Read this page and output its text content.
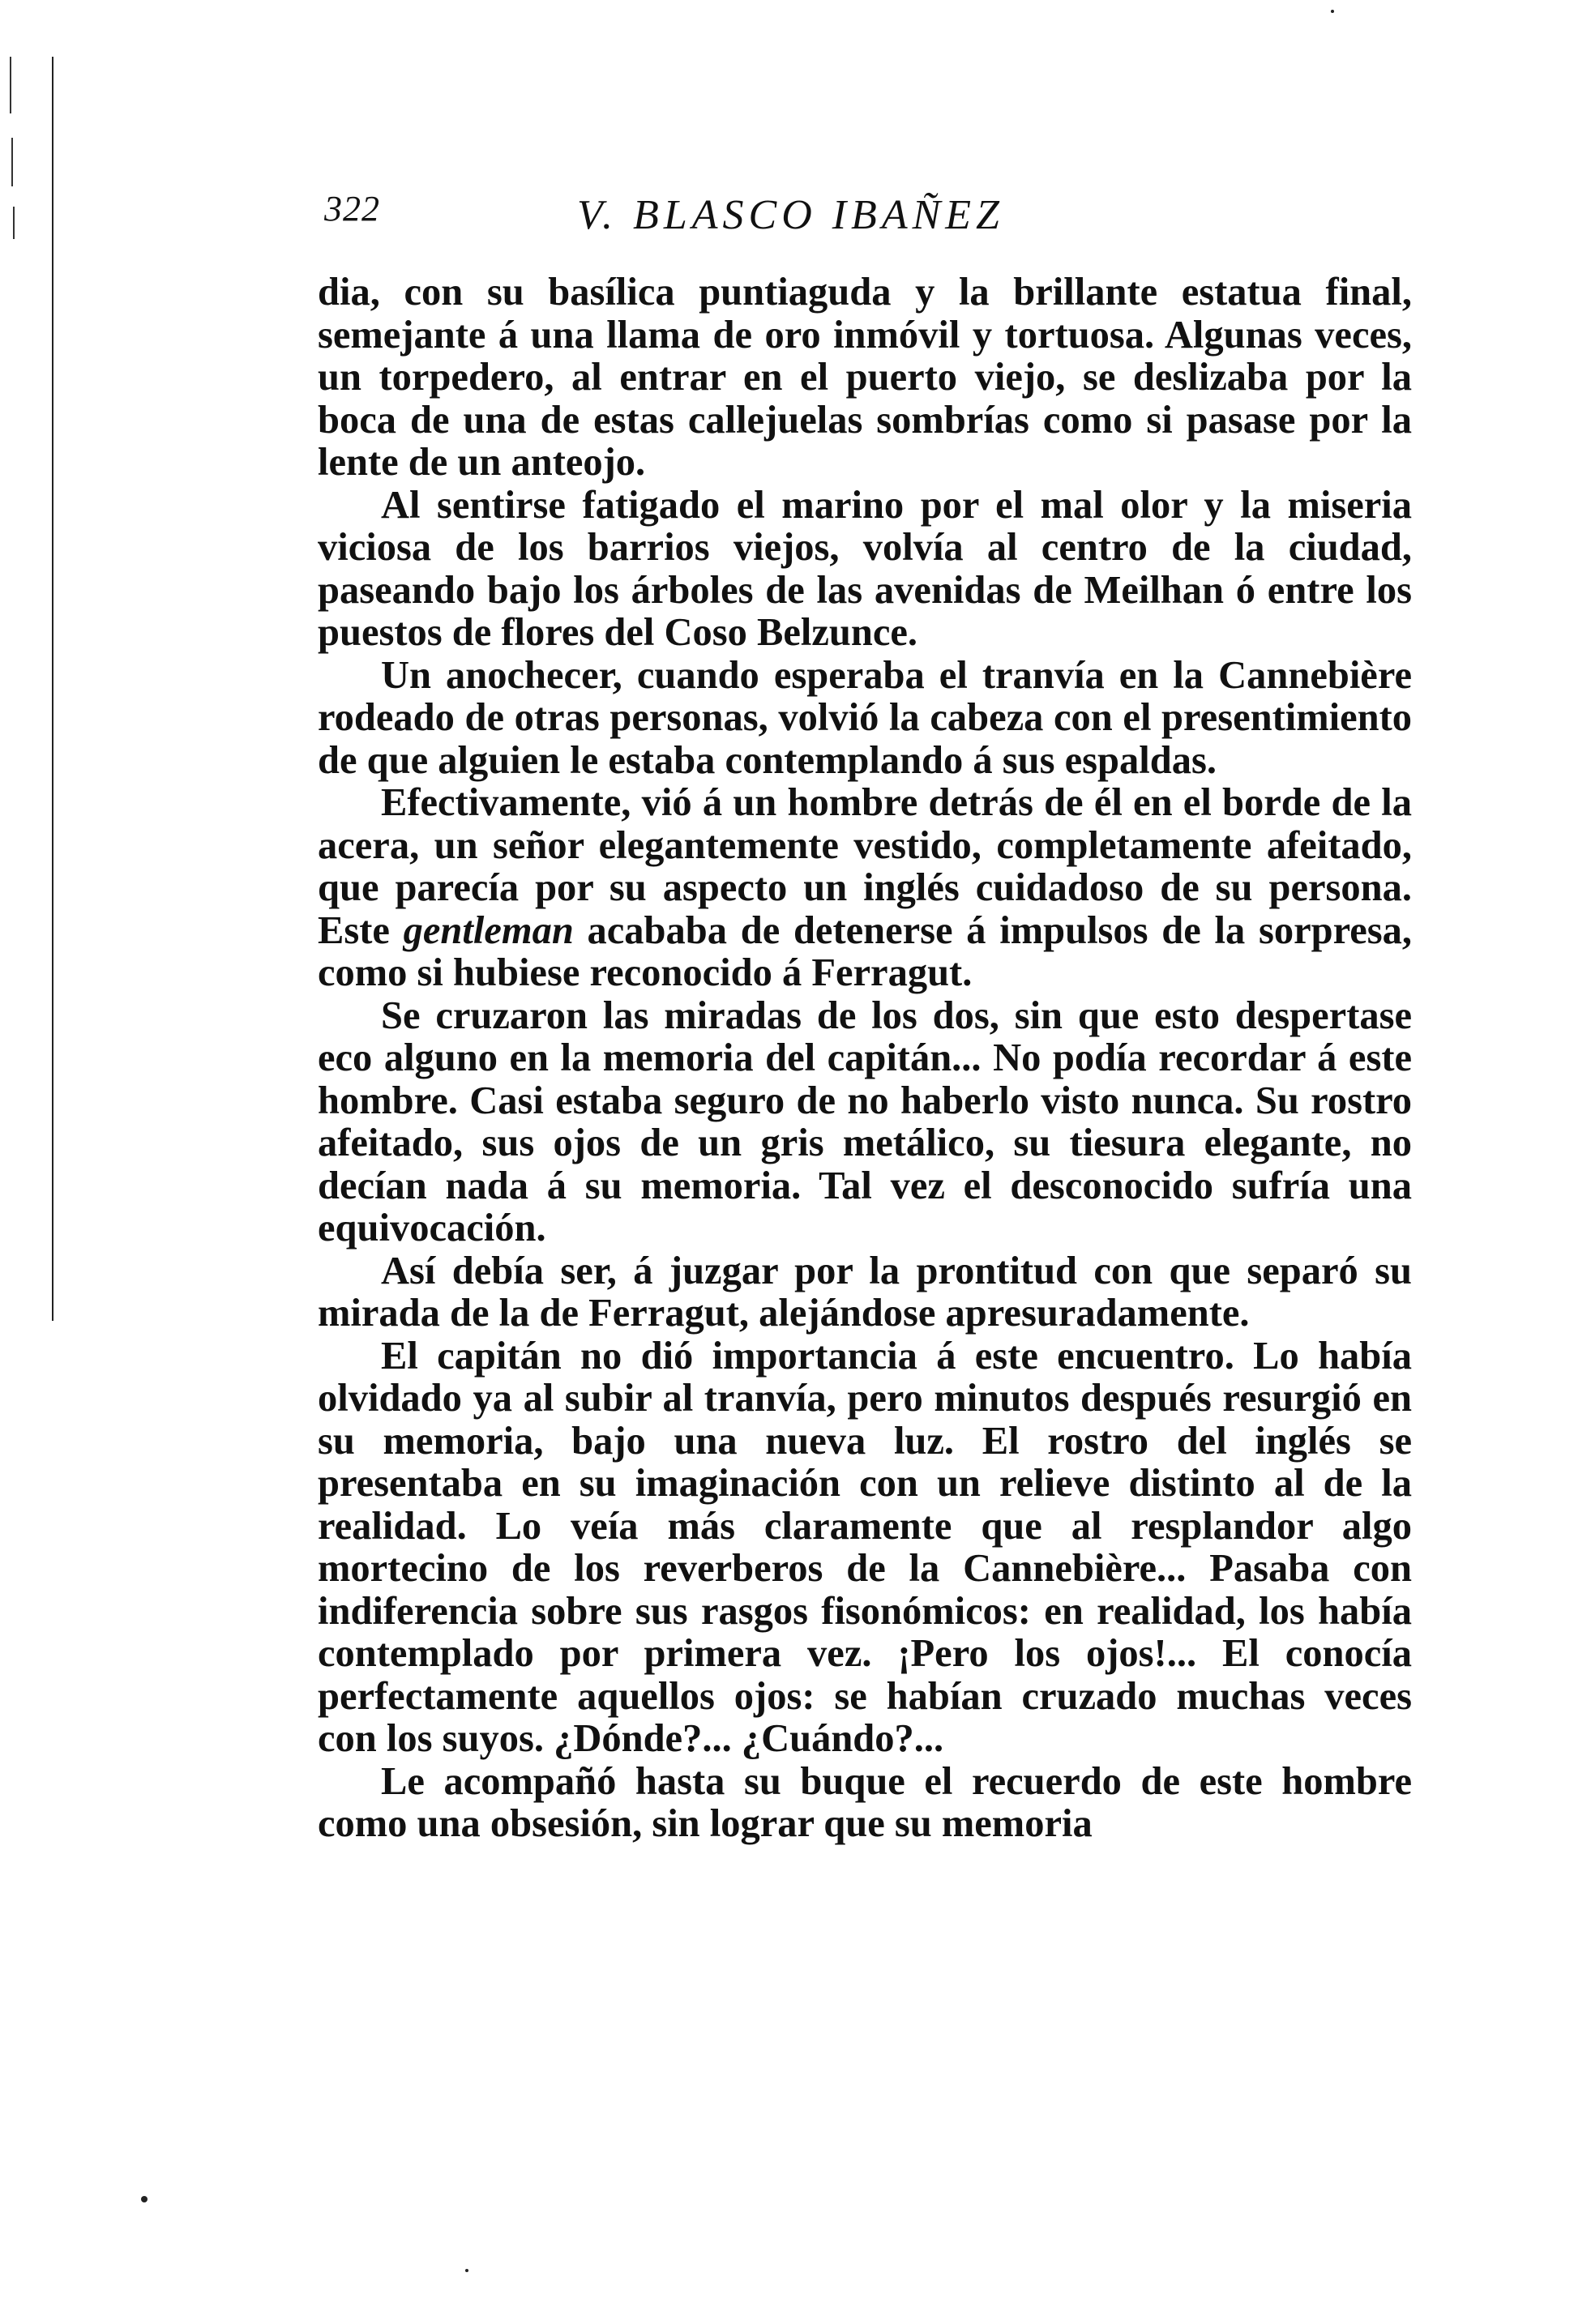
322	V. BLASCO IBAÑEZ

dia, con su basílica puntiaguda y la brillante estatua final, semejante á una llama de oro inmóvil y tortuosa. Algunas veces, un torpedero, al entrar en el puerto viejo, se deslizaba por la boca de una de estas callejuelas sombrías como si pasase por la lente de un anteojo.

Al sentirse fatigado el marino por el mal olor y la miseria viciosa de los barrios viejos, volvía al centro de la ciudad, paseando bajo los árboles de las avenidas de Meilhan ó entre los puestos de flores del Coso Belzunce.

Un anochecer, cuando esperaba el tranvía en la Cannebière rodeado de otras personas, volvió la cabeza con el presentimiento de que alguien le estaba contemplando á sus espaldas.

Efectivamente, vió á un hombre detrás de él en el borde de la acera, un señor elegantemente vestido, completamente afeitado, que parecía por su aspecto un inglés cuidadoso de su persona. Este gentleman acababa de detenerse á impulsos de la sorpresa, como si hubiese reconocido á Ferragut.

Se cruzaron las miradas de los dos, sin que esto despertase eco alguno en la memoria del capitán... No podía recordar á este hombre. Casi estaba seguro de no haberlo visto nunca. Su rostro afeitado, sus ojos de un gris metálico, su tiesura elegante, no decían nada á su memoria. Tal vez el desconocido sufría una equivocación.

Así debía ser, á juzgar por la prontitud con que separó su mirada de la de Ferragut, alejándose apresuradamente.

El capitán no dió importancia á este encuentro. Lo había olvidado ya al subir al tranvía, pero minutos después resurgió en su memoria, bajo una nueva luz. El rostro del inglés se presentaba en su imaginación con un relieve distinto al de la realidad. Lo veía más claramente que al resplandor algo mortecino de los reverberos de la Cannebière... Pasaba con indiferencia sobre sus rasgos fisonómicos: en realidad, los había contemplado por primera vez. ¡Pero los ojos!... El conocía perfectamente aquellos ojos: se habían cruzado muchas veces con los suyos. ¿Dónde?... ¿Cuándo?...

Le acompañó hasta su buque el recuerdo de este hombre como una obsesión, sin lograr que su memoria
